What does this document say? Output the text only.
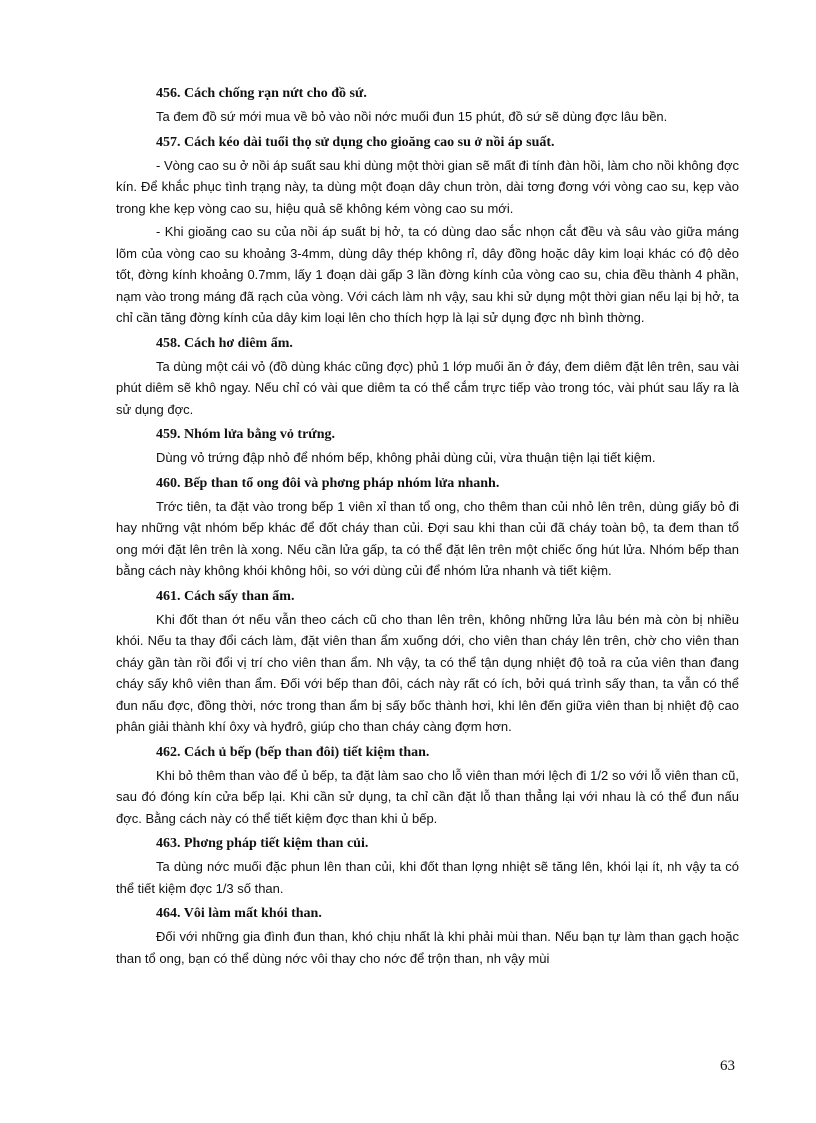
456. Cách chống rạn nứt cho đồ sứ.

Ta đem đồ sứ mới mua về bỏ vào nồi nớc muối đun 15 phút, đồ sứ sẽ dùng đợc lâu bền.

457. Cách kéo dài tuổi thọ sử dụng cho gioăng cao su ở nồi áp suất.

- Vòng cao su ở nồi áp suất sau khi dùng một thời gian sẽ mất đi tính đàn hồi, làm cho nồi không đợc kín. Để khắc phục tình trạng này, ta dùng một đoạn dây chun tròn, dài tơng đơng với vòng cao su, kẹp vào trong khe kẹp vòng cao su, hiệu quả sẽ không kém vòng cao su mới.

- Khi gioăng cao su của nồi áp suất bị hở, ta có dùng dao sắc nhọn cắt đều và sâu vào giữa máng lõm của vòng cao su khoảng 3-4mm, dùng dây thép không rỉ, dây đồng hoặc dây kim loại khác có độ dẻo tốt, đờng kính khoảng 0.7mm, lấy 1 đoạn dài gấp 3 lần đờng kính của vòng cao su, chia đều thành 4 phần, nạm vào trong máng đã rạch của vòng. Với cách làm nh vậy, sau khi sử dụng một thời gian nếu lại bị hở, ta chỉ cần tăng đờng kính của dây kim loại lên cho thích hợp là lại sử dụng đợc nh bình thờng.

458. Cách hơ diêm ẩm.

Ta dùng một cái vỏ (đồ dùng khác cũng đợc) phủ 1 lớp muối ăn ở đáy, đem diêm đặt lên trên, sau vài phút diêm sẽ khô ngay. Nếu chỉ có vài que diêm ta có thể cắm trực tiếp vào trong tóc, vài phút sau lấy ra là sử dụng đợc.

459. Nhóm lửa bằng vỏ trứng.

Dùng vỏ trứng đập nhỏ để nhóm bếp, không phải dùng củi, vừa thuận tiện lại tiết kiệm.

460. Bếp than tổ ong đôi và phơng pháp nhóm lửa nhanh.

Trớc tiên, ta đặt vào trong bếp 1 viên xỉ than tổ ong, cho thêm than củi nhỏ lên trên, dùng giấy bỏ đi hay những vật nhóm bếp khác để đốt cháy than củi. Đợi sau khi than củi đã cháy toàn bộ, ta đem than tổ ong mới đặt lên trên là xong. Nếu cần lửa gấp, ta có thể đặt lên trên một chiếc ống hút lửa. Nhóm bếp than bằng cách này không khói không hôi, so với dùng củi để nhóm lửa nhanh và tiết kiệm.

461. Cách sấy than ẩm.

Khi đốt than ớt nếu vẫn theo cách cũ cho than lên trên, không những lửa lâu bén mà còn bị nhiều khói. Nếu ta thay đổi cách làm, đặt viên than ẩm xuống dới, cho viên than cháy lên trên, chờ cho viên than cháy gần tàn rồi đổi vị trí cho viên than ẩm. Nh vậy, ta có thể tận dụng nhiệt độ toả ra của viên than đang cháy sấy khô viên than ẩm. Đối với bếp than đôi, cách này rất có ích, bởi quá trình sấy than, ta vẫn có thể đun nấu đợc, đồng thời, nớc trong than ẩm bị sấy bốc thành hơi, khi lên đến giữa viên than bị nhiệt độ cao phân giải thành khí ôxy và hyđrô, giúp cho than cháy càng đợm hơn.

462. Cách ủ bếp (bếp than đôi) tiết kiệm than.

Khi bỏ thêm than vào để ủ bếp, ta đặt làm sao cho lỗ viên than mới lệch đi 1/2 so với lỗ viên than cũ, sau đó đóng kín cửa bếp lại. Khi cần sử dụng, ta chỉ cần đặt lỗ than thẳng lại với nhau là có thể đun nấu đợc. Bằng cách này có thể tiết kiệm đợc than khi ủ bếp.

463. Phơng pháp tiết kiệm than củi.

Ta dùng nớc muối đặc phun lên than củi, khi đốt than lợng nhiệt sẽ tăng lên, khói lại ít, nh vậy ta có thể tiết kiệm đợc 1/3 số than.

464. Vôi làm mất khói than.

Đối với những gia đình đun than, khó chịu nhất là khi phải mùi than. Nếu bạn tự làm than gạch hoặc than tổ ong, bạn có thể dùng nớc vôi thay cho nớc để trộn than, nh vậy mùi

63
